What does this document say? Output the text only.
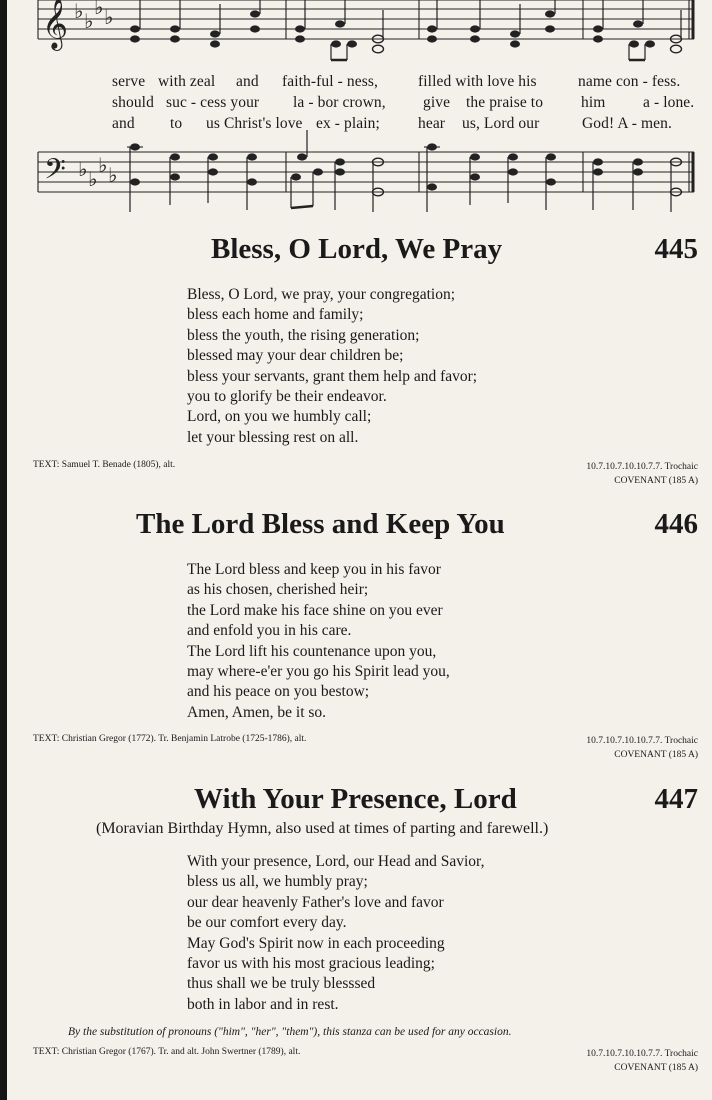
𝄞 ♭ ♭
♭ ♭
𝄢 ♭ ♭
♭ ♭
serve with zeal and faith-ful - ness,	filled with love his	name con - fess.
should suc - cess your la - bor crown, give the praise to him a - lone.
and to us Christ's love ex - plain; hear us, Lord our	God! A - men.
Bless, O Lord, We Pray	445
Bless, O Lord, we pray, your congregation;
bless each home and family;
bless the youth, the rising generation;
blessed may your dear children be;
bless your servants, grant them help and favor;
you to glorify be their endeavor.
Lord, on you we humbly call;
let your blessing rest on all.
TEXT: Samuel T. Benade (1805), alt.	10.7.10.7.10.10.7.7. Trochaic
COVENANT (185 A)
The Lord Bless and Keep You	446
The Lord bless and keep you in his favor
as his chosen, cherished heir;
the Lord make his face shine on you ever
and enfold you in his care.
The Lord lift his countenance upon you,
may where-e'er you go his Spirit lead you,
and his peace on you bestow;
Amen, Amen, be it so.
TEXT: Christian Gregor (1772). Tr. Benjamin Latrobe (1725-1786), alt.	10.7.10.7.10.10.7.7. Trochaic
COVENANT (185 A)
With Your Presence, Lord	447
(Moravian Birthday Hymn, also used at times of parting and farewell.)
With your presence, Lord, our Head and Savior,
bless us all, we humbly pray;
our dear heavenly Father's love and favor
be our comfort every day.
May God's Spirit now in each proceeding
favor us with his most gracious leading;
thus shall we be truly blesssed
both in labor and in rest.
By the substitution of pronouns ("him", "her", "them"), this stanza can be used for any occasion.
TEXT: Christian Gregor (1767). Tr. and alt. John Swertner (1789), alt.	10.7.10.7.10.10.7.7. Trochaic
COVENANT (185 A)
